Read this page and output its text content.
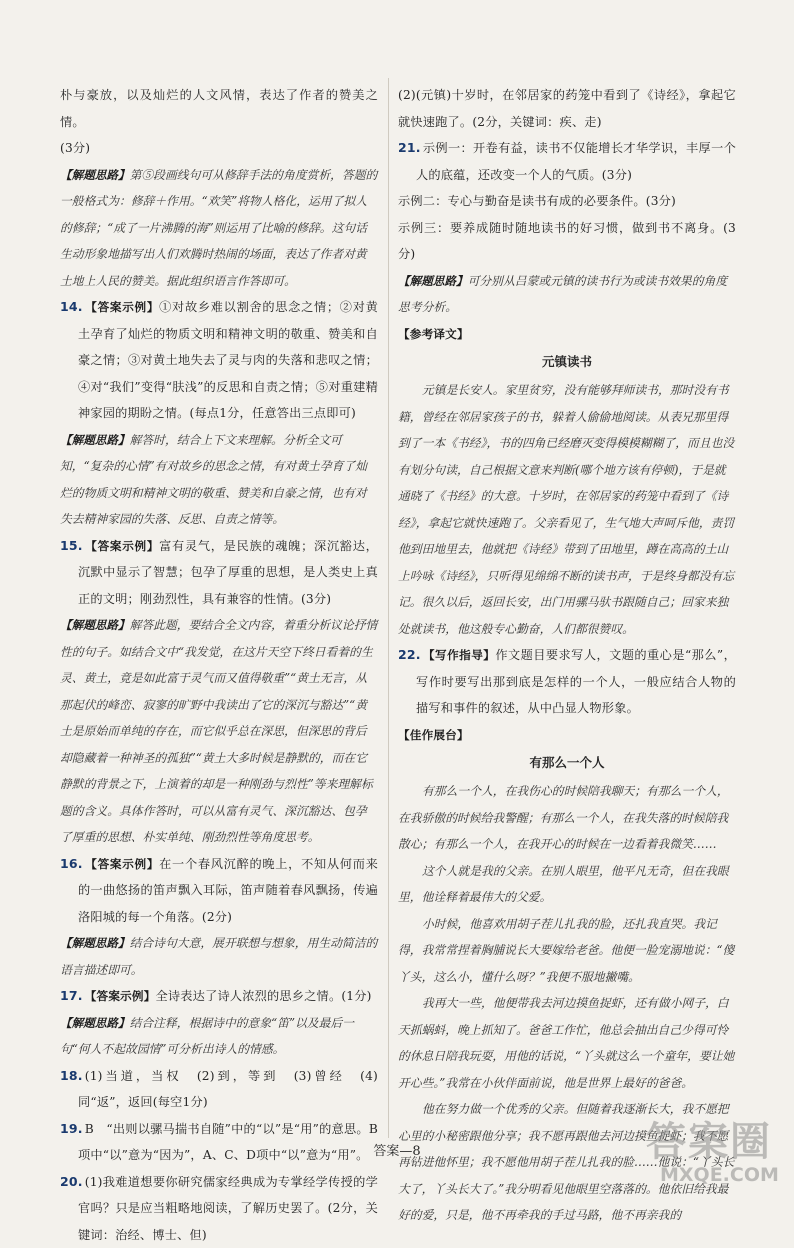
朴与豪放，以及灿烂的人文风情，表达了作者的赞美之情。

(3分)

【解题思路】第⑤段画线句可从修辞手法的角度赏析，答题的一般格式为：修辞＋作用。“欢笑”将物人格化，运用了拟人的修辞；“成了一片沸腾的海”则运用了比喻的修辞。这句话生动形象地描写出人们欢腾时热闹的场面，表达了作者对黄土地上人民的赞美。据此组织语言作答即可。

14. 【答案示例】①对故乡难以割舍的思念之情；②对黄土孕育了灿烂的物质文明和精神文明的敬重、赞美和自豪之情；③对黄土地失去了灵与肉的失落和悲叹之情；④对“我们”变得“肤浅”的反思和自责之情；⑤对重建精神家园的期盼之情。(每点1分，任意答出三点即可)

【解题思路】解答时，结合上下文来理解。分析全文可知，“复杂的心情”有对故乡的思念之情，有对黄土孕育了灿烂的物质文明和精神文明的敬重、赞美和自豪之情，也有对失去精神家园的失落、反思、自责之情等。

15. 【答案示例】富有灵气，是民族的魂魄；深沉豁达，沉默中显示了智慧；包孕了厚重的思想，是人类史上真正的文明；刚劲烈性，具有兼容的性情。(3分)

【解题思路】解答此题，要结合全文内容，着重分析议论抒情性的句子。如结合文中“我发觉，在这片天空下终日看着的生灵、黄土，竟是如此富于灵气而又值得敬重”“黄土无言，从那起伏的峰峦、寂寥的旷野中我读出了它的深沉与豁达”“黄土是原始而单纯的存在，而它似乎总在深思，但深思的背后却隐藏着一种神圣的孤独”“黄土大多时候是静默的，而在它静默的背景之下，上演着的却是一种刚劲与烈性”等来理解标题的含义。具体作答时，可以从富有灵气、深沉豁达、包孕了厚重的思想、朴实单纯、刚劲烈性等角度思考。

16. 【答案示例】在一个春风沉醉的晚上，不知从何而来的一曲悠扬的笛声飘入耳际，笛声随着春风飘扬，传遍洛阳城的每一个角落。(2分)

【解题思路】结合诗句大意，展开联想与想象，用生动简洁的语言描述即可。

17. 【答案示例】全诗表达了诗人浓烈的思乡之情。(1分)

【解题思路】结合注释，根据诗中的意象“笛”以及最后一句“何人不起故园情”可分析出诗人的情感。

18. (1)当道，当权　(2)到，等到　(3)曾经　(4)同“返”，返回(每空1分)

19. B　“出则以骡马揣书自随”中的“以”是“用”的意思。B项中“以”意为“因为”，A、C、D项中“以”意为“用”。

20. (1)我难道想要你研究儒家经典成为专掌经学传授的学官吗？只是应当粗略地阅读，了解历史罢了。(2分，关键词：治经、博士、但)

(2)(元镇)十岁时，在邻居家的药笼中看到了《诗经》，拿起它就快速跑了。(2分，关键词：疾、走)

21. 示例一：开卷有益，读书不仅能增长才华学识，丰厚一个人的底蕴，还改变一个人的气质。(3分)

示例二：专心与勤奋是读书有成的必要条件。(3分)

示例三：要养成随时随地读书的好习惯，做到书不离身。(3分)

【解题思路】可分别从吕蒙或元镇的读书行为或读书效果的角度思考分析。

【参考译文】

元镇读书

元镇是长安人。家里贫穷，没有能够拜师读书，那时没有书籍，曾经在邻居家孩子的书，躲着人偷偷地阅读。从表兄那里得到了一本《书经》，书的四角已经磨灭变得模模糊糊了，而且也没有划分句读，自己根据文意来判断(哪个地方该有停顿)，于是就通晓了《书经》的大意。十岁时，在邻居家的药笼中看到了《诗经》，拿起它就快速跑了。父亲看见了，生气地大声呵斥他，责罚他到田地里去，他就把《诗经》带到了田地里，蹲在高高的土山上吟咏《诗经》，只听得见绵绵不断的读书声，于是终身都没有忘记。很久以后，返回长安，出门用骡马驮书跟随自己；回家来独处就读书，他这般专心勤奋，人们都很赞叹。

22. 【写作指导】作文题目要求写人，文题的重心是“那么”，写作时要写出那到底是怎样的一个人，一般应结合人物的描写和事件的叙述，从中凸显人物形象。

【佳作展台】

有那么一个人

有那么一个人，在我伤心的时候陪我聊天；有那么一个人，在我骄傲的时候给我警醒；有那么一个人，在我失落的时候陪我散心；有那么一个人，在我开心的时候在一边看着我微笑……

这个人就是我的父亲。在别人眼里，他平凡无奇，但在我眼里，他诠释着最伟大的父爱。

小时候，他喜欢用胡子茬儿扎我的脸，还扎我直哭。我记得，我常常捏着胸脯说长大要嫁给老爸。他便一脸宠溺地说：“傻丫头，这么小，懂什么呀？”我便不服地撇嘴。

我再大一些，他便带我去河边摸鱼捉虾，还有做小网子，白天抓蜗蚪，晚上抓知了。爸爸工作忙，他总会抽出自己少得可怜的休息日陪我玩耍，用他的话说，“丫头就这么一个童年，要让她开心些。”我常在小伙伴面前说，他是世界上最好的爸爸。

他在努力做一个优秀的父亲。但随着我逐渐长大，我不愿把心里的小秘密跟他分享；我不愿再跟他去河边摸鱼捉虾；我不愿再钻进他怀里；我不愿他用胡子茬儿扎我的脸……他说：“丫头长大了，丫头长大了。”我分明看见他眼里空落落的。他依旧给我最好的爱，只是，他不再牵我的手过马路，他不再亲我的

答案—8	答案圈
MXQE.COM
